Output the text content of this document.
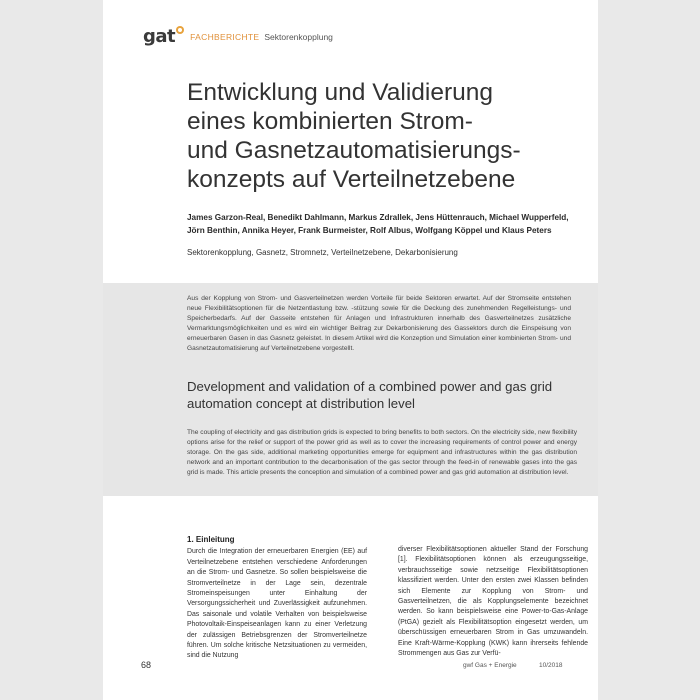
gat FACHBERICHTE Sektorenkopplung
Entwicklung und Validierung
eines kombinierten Strom-
und Gasnetzautomatisierungs-
konzepts auf Verteilnetzebene
James Garzon-Real, Benedikt Dahlmann, Markus Zdrallek, Jens Hüttenrauch, Michael Wupperfeld,
Jörn Benthin, Annika Heyer, Frank Burmeister, Rolf Albus, Wolfgang Köppel und Klaus Peters
Sektorenkopplung, Gasnetz, Stromnetz, Verteilnetzebene, Dekarbonisierung
Aus der Kopplung von Strom- und Gasverteilnetzen werden Vorteile für beide Sektoren erwartet. Auf der Stromseite entstehen neue Flexibilitätsoptionen für die Netzentlastung bzw. -stützung sowie für die Deckung des zunehmenden Regelleistungs- und Speicherbedarfs. Auf der Gasseite entstehen für Anlagen und Infrastrukturen innerhalb des Gasverteilnetzes zusätzliche Vermarktungsmöglichkeiten und es wird ein wichtiger Beitrag zur Dekarbonisierung des Gassektors durch die Einspeisung von erneuerbaren Gasen in das Gasnetz geleistet. In diesem Artikel wird die Konzeption und Simulation einer kombinierten Strom- und Gasnetzautomatisierung auf Verteilnetzebene vorgestellt.
Development and validation of a combined power and gas grid
automation concept at distribution level
The coupling of electricity and gas distribution grids is expected to bring benefits to both sectors. On the electricity side, new flexibility options arise for the relief or support of the power grid as well as to cover the increasing requirements of control power and energy storage. On the gas side, additional marketing opportunities emerge for equipment and infrastructures within the gas distribution network and an important contribution to the decarbonisation of the gas sector through the feed-in of renewable gases into the gas grid is made. This article presents the conception and simulation of a combined power and gas grid automation at distribution level.
1. Einleitung
Durch die Integration der erneuerbaren Energien (EE) auf Verteilnetzebene entstehen verschiedene Anforderungen an die Strom- und Gasnetze. So sollen beispielsweise die Stromverteilnetze in der Lage sein, dezentrale Stromeinspeisungen unter Einhaltung der Versorgungssicherheit und Zuverlässigkeit aufzunehmen. Das saisonale und volatile Verhalten von beispielsweise Photovoltaik-Einspeiseanlagen kann zu einer Verletzung der zulässigen Betriebsgrenzen der Stromverteilnetze führen. Um solche kritische Netzsituationen zu vermeiden, sind die Nutzung
diverser Flexibilitätsoptionen aktueller Stand der Forschung [1]. Flexibilitätsoptionen können als erzeugungsseitige, verbrauchsseitige sowie netzseitige Flexibilitätsoptionen klassifiziert werden. Unter den ersten zwei Klassen befinden sich Elemente zur Kopplung von Strom- und Gasverteilnetzen, die als Kopplungselemente bezeichnet werden. So kann beispielsweise eine Power-to-Gas-Anlage (PtGA) gezielt als Flexibilitätsoption eingesetzt werden, um überschüssigen erneuerbaren Strom in Gas umzuwandeln. Eine Kraft-Wärme-Kopplung (KWK) kann ihrerseits fehlende Strommengen aus Gas zur Verfü-
68	gwf Gas + Energie	10/2018
